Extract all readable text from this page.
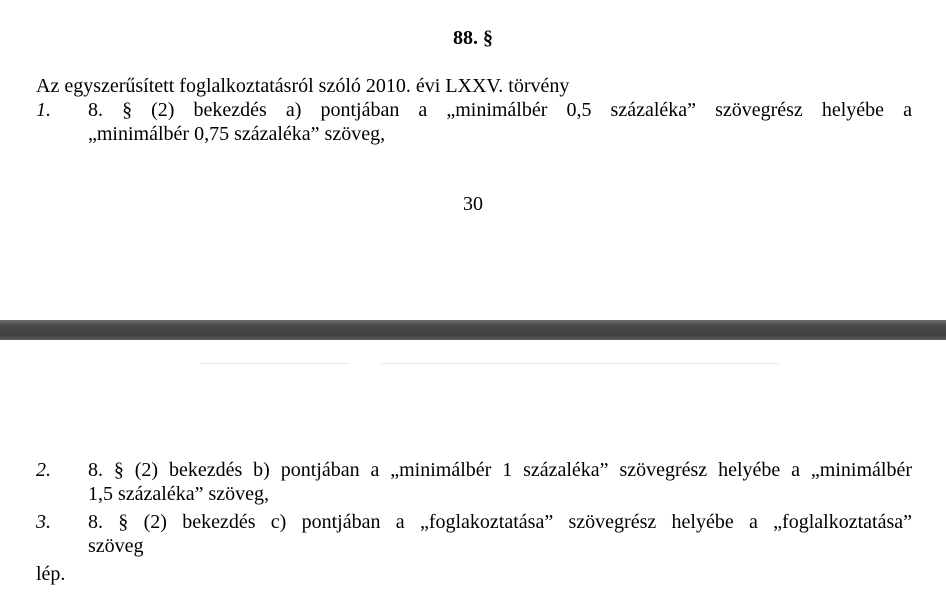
88. §
Az egyszerűsített foglalkoztatásról szóló 2010. évi LXXV. törvény
1. 8. § (2) bekezdés a) pontjában a „minimálbér 0,5 százaléka” szövegrész helyébe a
„minimálbér 0,75 százaléka” szöveg,
30
2. 8. § (2) bekezdés b) pontjában a „minimálbér 1 százaléka” szövegrész helyébe a „minimálbér
1,5 százaléka” szöveg,
3. 8. § (2) bekezdés c) pontjában a „foglakoztatása” szövegrész helyébe a „foglalkoztatása”
szöveg
lép.
